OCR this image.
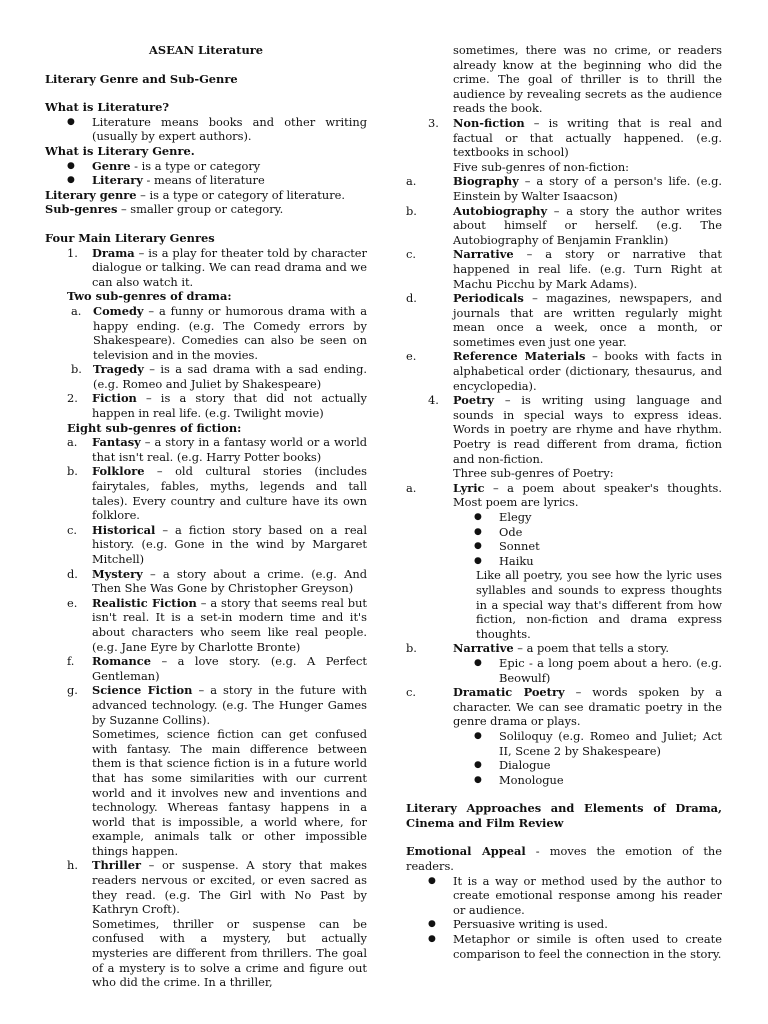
ASEAN Literature

Literary Genre and Sub-Genre

What is Literature?

●	Literature means books and other writing (usually by expert authors).

What is Literary Genre.

●	Genre - is a type or category
●	Literary - means of literature

Literary genre – is a type or category of literature.

Sub-genres – smaller group or category.

Four Main Literary Genres

1.	Drama – is a play for theater told by character dialogue or talking. We can read drama and we can also watch it.

Two sub-genres of drama:

a.	Comedy – a funny or humorous drama with a happy ending. (e.g. The Comedy errors by Shakespeare). Comedies can also be seen on television and in the movies.
b. Tragedy – is a sad drama with a sad ending. (e.g. Romeo and Juliet by Shakespeare)
2.	Fiction – is a story that did not actually happen in real life. (e.g. Twilight movie)

Eight sub-genres of fiction:

a.	Fantasy – a story in a fantasy world or a world that isn't real. (e.g. Harry Potter books)
b.	Folklore – old cultural stories (includes fairytales, fables, myths, legends and tall tales). Every country and culture have its own folklore.
c.	Historical – a fiction story based on a real history. (e.g. Gone in the wind by Margaret Mitchell)
d.	Mystery – a story about a crime. (e.g. And Then She Was Gone by Christopher Greyson)
e.	Realistic Fiction – a story that seems real but isn't real. It is a set-in modern time and it's about characters who seem like real people. (e.g. Jane Eyre by Charlotte Bronte)
f.	Romance – a love story. (e.g. A Perfect Gentleman)
g.	Science Fiction – a story in the future with advanced technology. (e.g. The Hunger Games by Suzanne Collins).

Sometimes, science fiction can get confused with fantasy. The main difference between them is that science fiction is in a future world that has some similarities with our current world and it involves new and inventions and technology. Whereas fantasy happens in a world that is impossible, a world where, for example, animals talk or other impossible things happen.

h.	Thriller – or suspense. A story that makes readers nervous or excited, or even sacred as they read. (e.g. The Girl with No Past by Kathryn Croft).

Sometimes, thriller or suspense can be confused with a mystery, but actually mysteries are different from thrillers. The goal of a mystery is to solve a crime and figure out who did the crime. In a thriller,

sometimes, there was no crime, or readers already know at the beginning who did the crime. The goal of thriller is to thrill the audience by revealing secrets as the audience reads the book.

3.	Non-fiction – is writing that is real and factual or that actually happened. (e.g. textbooks in school)

Five sub-genres of non-fiction:

a.	Biography – a story of a person's life. (e.g. Einstein by Walter Isaacson)
b.	Autobiography – a story the author writes about himself or herself. (e.g. The Autobiography of Benjamin Franklin)
c.	Narrative – a story or narrative that happened in real life. (e.g. Turn Right at Machu Picchu by Mark Adams).
d.	Periodicals – magazines, newspapers, and journals that are written regularly might mean once a week, once a month, or sometimes even just one year.
e.	Reference Materials – books with facts in alphabetical order (dictionary, thesaurus, and encyclopedia).
4.	Poetry – is writing using language and sounds in special ways to express ideas. Words in poetry are rhyme and have rhythm. Poetry is read different from drama, fiction and non-fiction.

Three sub-genres of Poetry:

a.	Lyric – a poem about speaker's thoughts. Most poem are lyrics.
●	Elegy
●	Ode
●	Sonnet
●	Haiku

Like all poetry, you see how the lyric uses syllables and sounds to express thoughts in a special way that's different from how fiction, non-fiction and drama express thoughts.

b.	Narrative – a poem that tells a story.
●	Epic - a long poem about a hero. (e.g. Beowulf)
c.	Dramatic Poetry – words spoken by a character. We can see dramatic poetry in the genre drama or plays.
●	Soliloquy (e.g. Romeo and Juliet; Act II, Scene 2 by Shakespeare)
●	Dialogue
●	Monologue

Literary Approaches and Elements of Drama, Cinema and Film Review

Emotional Appeal - moves the emotion of the readers.

●	It is a way or method used by the author to create emotional response among his reader or audience.
●	Persuasive writing is used.
●	Metaphor or simile is often used to create comparison to feel the connection in the story.
